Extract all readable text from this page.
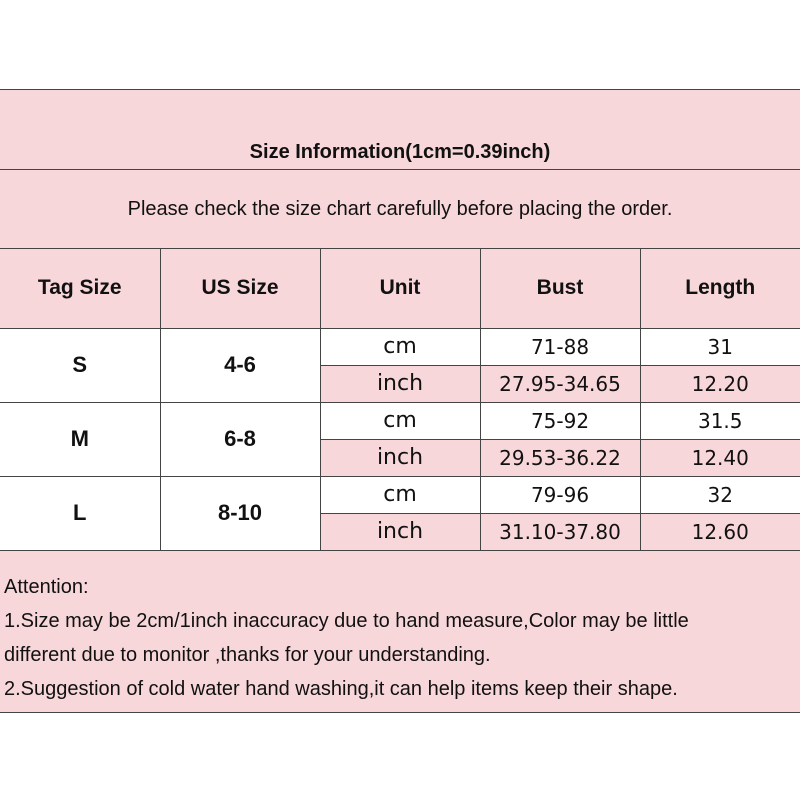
Size Information(1cm=0.39inch)
Please check the size chart carefully before placing the order.
Tag Size	US Size	Unit	Bust	Length
S	4-6	cm	71-88	31
		inch	27.95-34.65	12.20
M	6-8	cm	75-92	31.5
		inch	29.53-36.22	12.40
L	8-10	cm	79-96	32
		inch	31.10-37.80	12.60
Attention:
1.Size may be 2cm/1inch inaccuracy due to hand measure,Color may be little different due to monitor ,thanks for your understanding.
2.Suggestion of cold water hand washing,it can help items keep their shape.
